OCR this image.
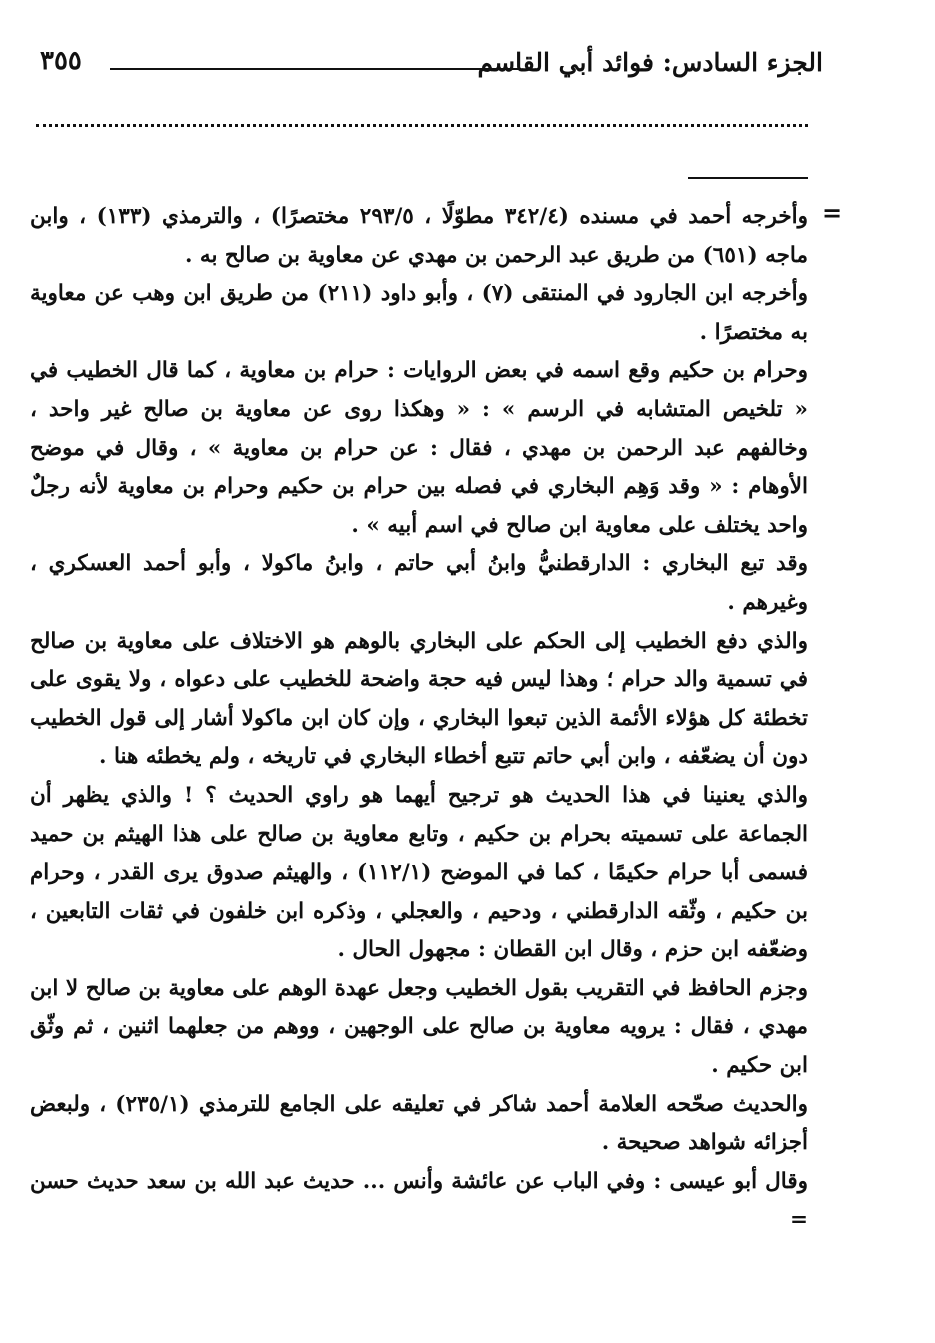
الجزء السادس: فوائد أبي القاسم
٣٥٥
=

وأخرجه أحمد في مسنده (٣٤٢/٤ مطوّلًا ، ٢٩٣/٥ مختصرًا) ، والترمذي (١٣٣) ، وابن ماجه (٦٥١) من طريق عبد الرحمن بن مهدي عن معاوية بن صالح به .

وأخرجه ابن الجارود في المنتقى (٧) ، وأبو داود (٢١١) من طريق ابن وهب عن معاوية به مختصرًا .

وحرام بن حكيم وقع اسمه في بعض الروايات : حرام بن معاوية ، كما قال الخطيب في « تلخيص المتشابه في الرسم » : « وهكذا روى عن معاوية بن صالح غير واحد ، وخالفهم عبد الرحمن بن مهدي ، فقال : عن حرام بن معاوية » ، وقال في موضح الأوهام : « وقد وَهِم البخاري في فصله بين حرام بن حكيم وحرام بن معاوية لأنه رجلٌ واحد يختلف على معاوية ابن صالح في اسم أبيه » .

وقد تبع البخاري : الدارقطنيُّ وابنُ أبي حاتم ، وابنُ ماكولا ، وأبو أحمد العسكري ، وغيرهم .

والذي دفع الخطيب إلى الحكم على البخاري بالوهم هو الاختلاف على معاوية بن صالح في تسمية والد حرام ؛ وهذا ليس فيه حجة واضحة للخطيب على دعواه ، ولا يقوى على تخطئة كل هؤلاء الأئمة الذين تبعوا البخاري ، وإن كان ابن ماكولا أشار إلى قول الخطيب دون أن يضعّفه ، وابن أبي حاتم تتبع أخطاء البخاري في تاريخه ، ولم يخطئه هنا .

والذي يعنينا في هذا الحديث هو ترجيح أيهما هو راوي الحديث ؟ ! والذي يظهر أن الجماعة على تسميته بحرام بن حكيم ، وتابع معاوية بن صالح على هذا الهيثم بن حميد فسمى أبا حرام حكيمًا ، كما في الموضح (١١٢/١) ، والهيثم صدوق يرى القدر ، وحرام بن حكيم ، وثّقه الدارقطني ، ودحيم ، والعجلي ، وذكره ابن خلفون في ثقات التابعين ، وضعّفه ابن حزم ، وقال ابن القطان : مجهول الحال .

وجزم الحافظ في التقريب بقول الخطيب وجعل عهدة الوهم على معاوية بن صالح لا ابن مهدي ، فقال : يرويه معاوية بن صالح على الوجهين ، ووهم من جعلهما اثنين ، ثم وثّق ابن حكيم .

والحديث صحّحه العلامة أحمد شاكر في تعليقه على الجامع للترمذي (٢٣٥/١) ، ولبعض أجزائه شواهد صحيحة .

وقال أبو عيسى : وفي الباب عن عائشة وأنس ... حديث عبد الله بن سعد حديث حسن =
